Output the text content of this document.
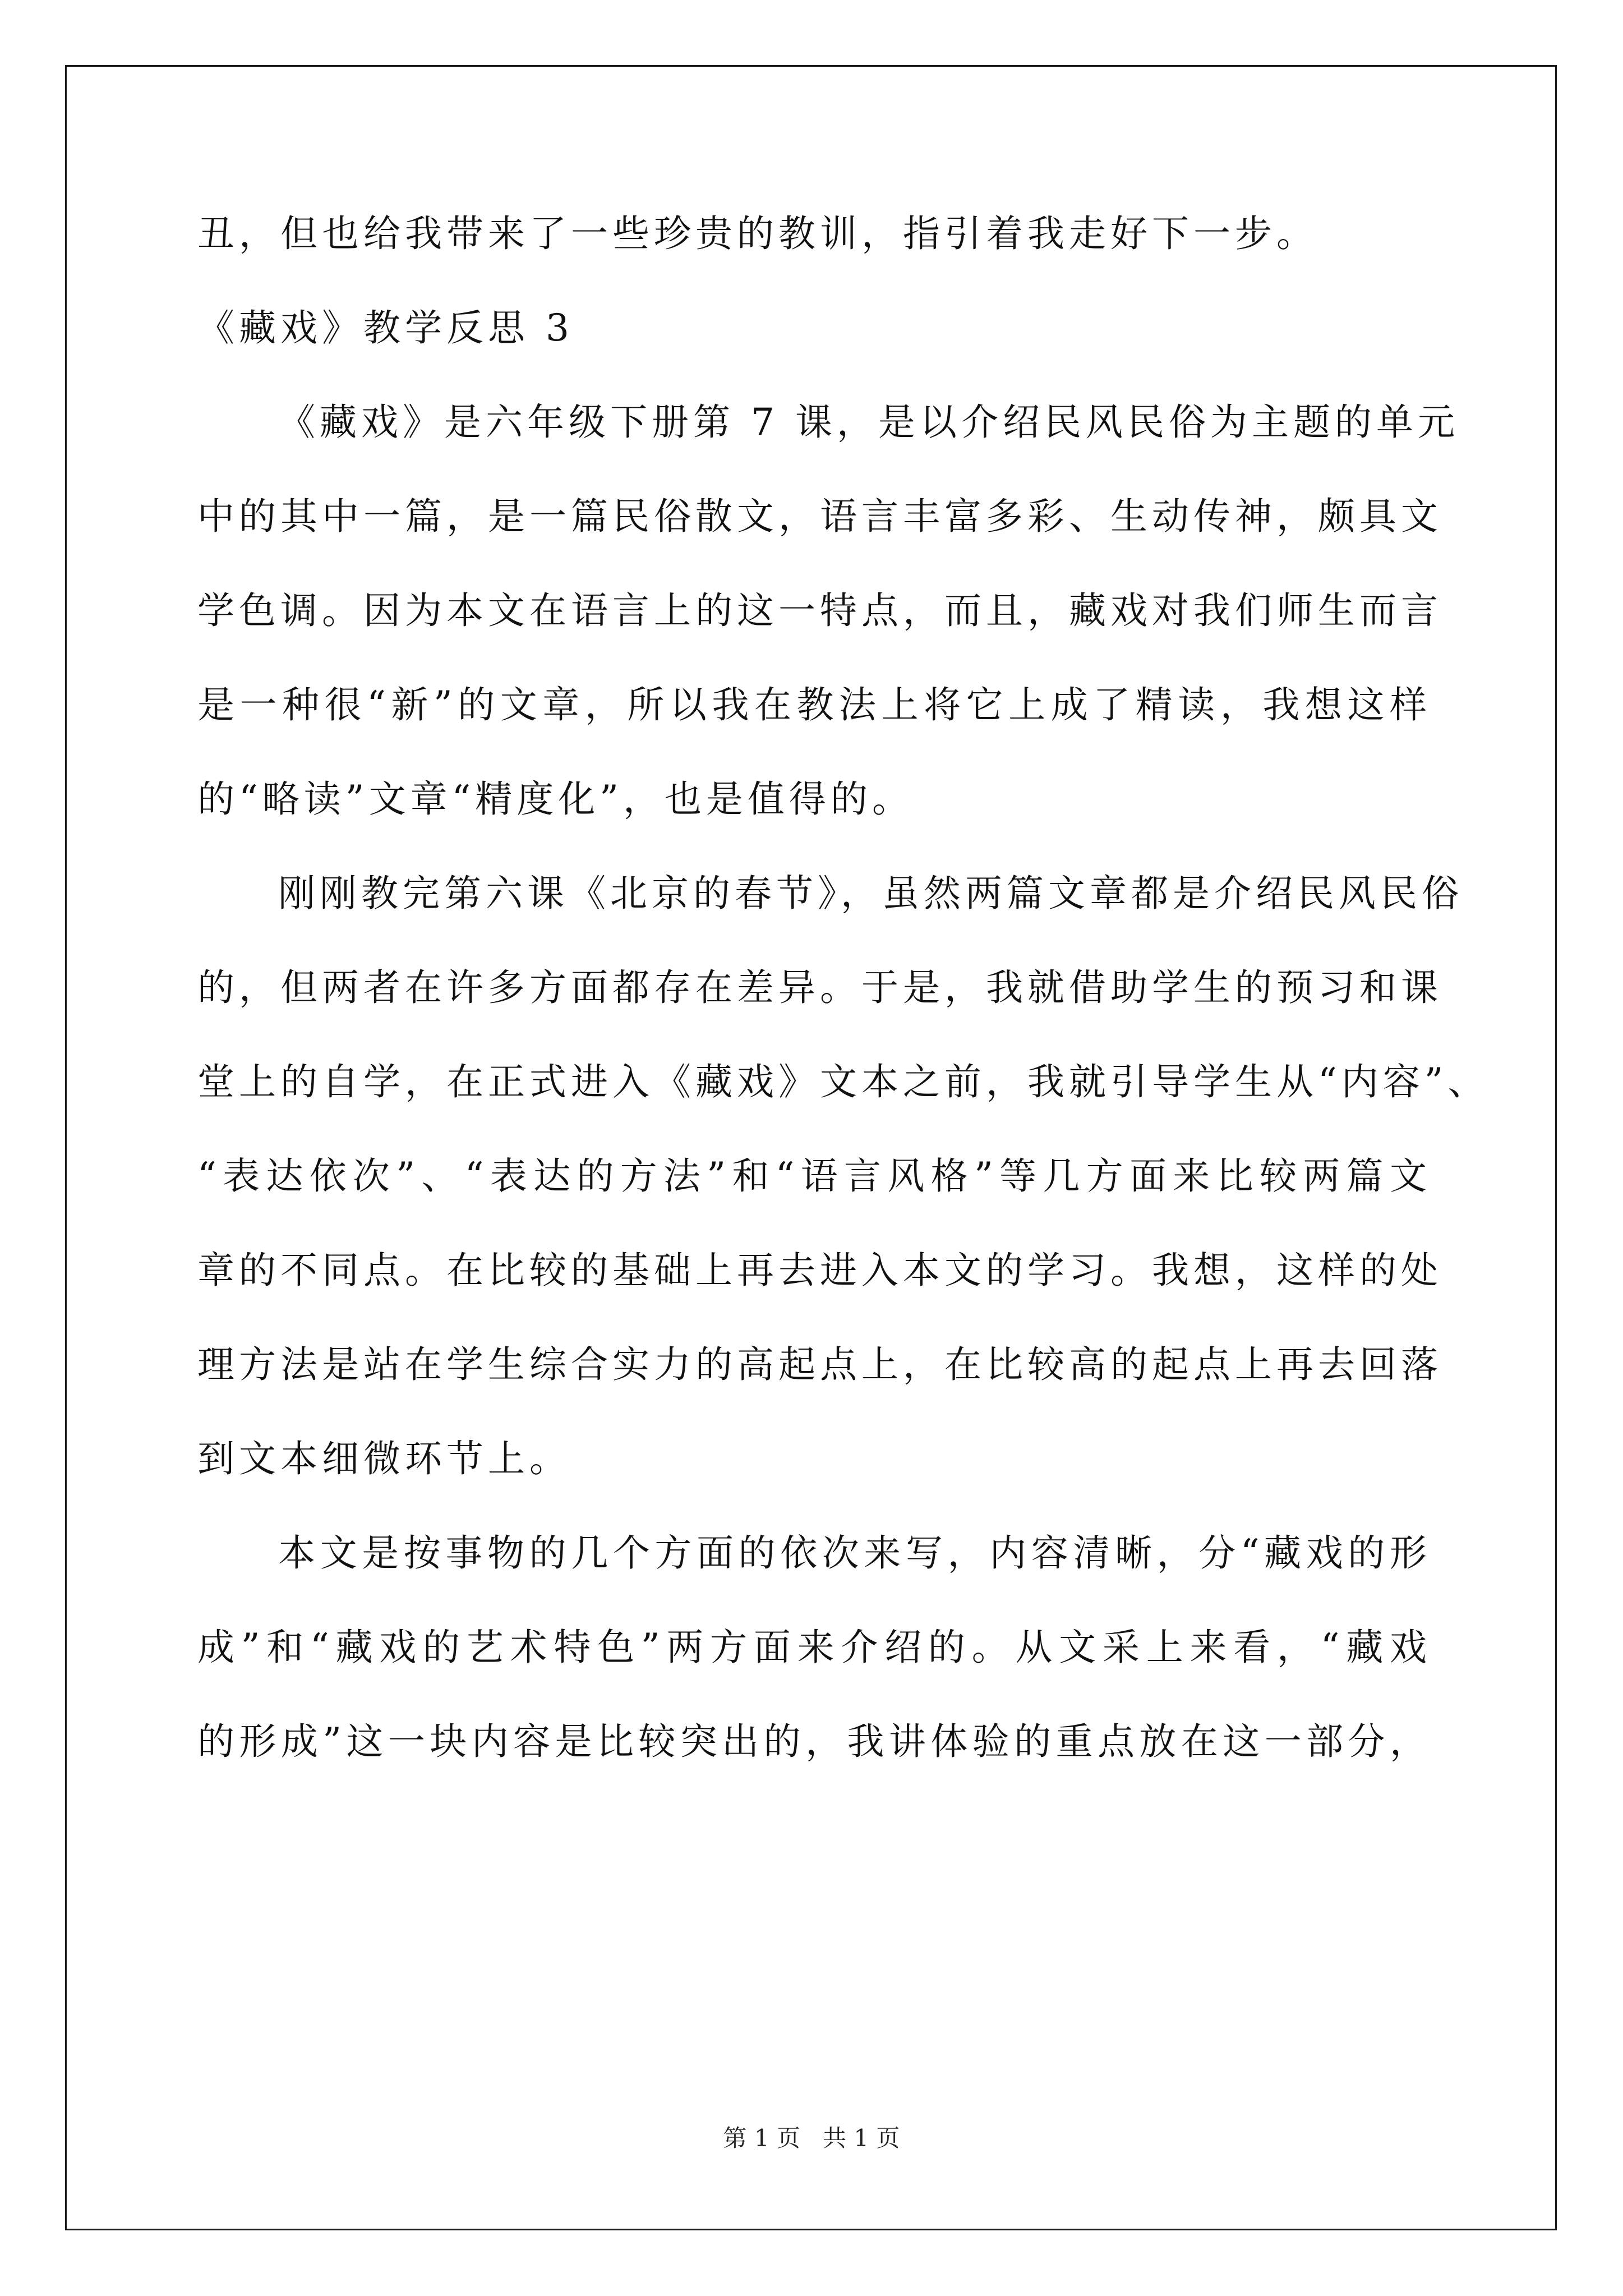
丑，但也给我带来了一些珍贵的教训，指引着我走好下一步。
《藏戏》教学反思 3
《藏戏》是六年级下册第 7 课，是以介绍民风民俗为主题的单元
中的其中一篇，是一篇民俗散文，语言丰富多彩、生动传神，颇具文
学色调。因为本文在语言上的这一特点，而且，藏戏对我们师生而言
是一种很“新”的文章，所以我在教法上将它上成了精读，我想这样
的“略读”文章“精度化”，也是值得的。
刚刚教完第六课《北京的春节》，虽然两篇文章都是介绍民风民俗
的，但两者在许多方面都存在差异。于是，我就借助学生的预习和课
堂上的自学，在正式进入《藏戏》文本之前，我就引导学生从“内容”、
“表达依次”、“表达的方法”和“语言风格”等几方面来比较两篇文
章的不同点。在比较的基础上再去进入本文的学习。我想，这样的处
理方法是站在学生综合实力的高起点上，在比较高的起点上再去回落
到文本细微环节上。
本文是按事物的几个方面的依次来写，内容清晰，分“藏戏的形
成”和“藏戏的艺术特色”两方面来介绍的。从文采上来看，“藏戏
的形成”这一块内容是比较突出的，我讲体验的重点放在这一部分，
第 1 页   共 1 页
